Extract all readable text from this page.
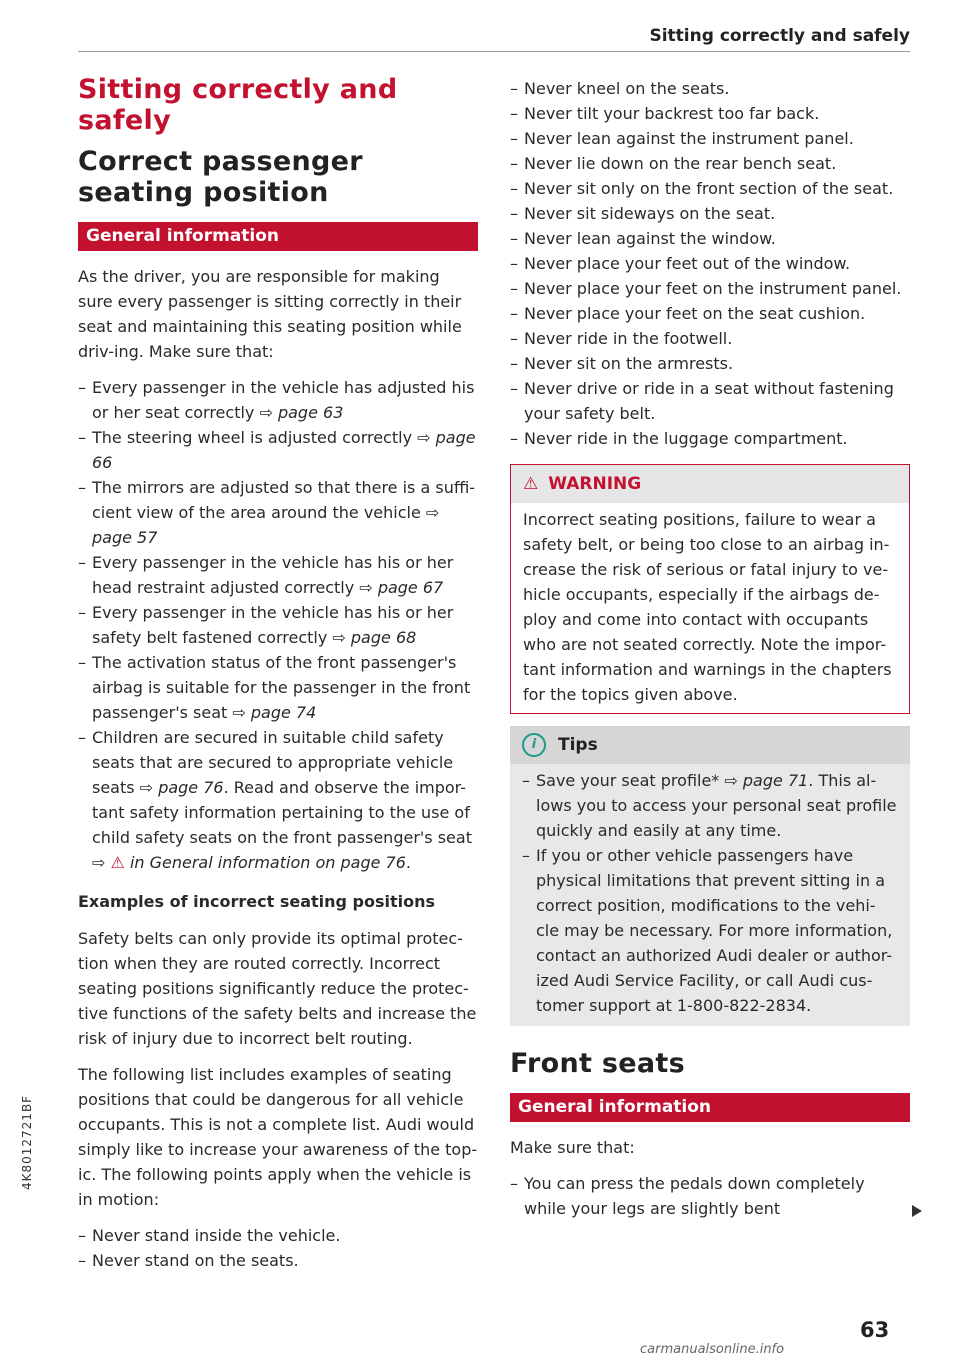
Sitting correctly and safely
Sitting correctly and safely
Correct passenger seating position
General information

As the driver, you are responsible for making sure every passenger is sitting correctly in their seat and maintaining this seating position while driv-ing. Make sure that:

– Every passenger in the vehicle has adjusted his or her seat correctly ⇨ page 63

– The steering wheel is adjusted correctly ⇨ page 66

– The mirrors are adjusted so that there is a suffi-cient view of the area around the vehicle ⇨ page 57

– Every passenger in the vehicle has his or her head restraint adjusted correctly ⇨ page 67

– Every passenger in the vehicle has his or her safety belt fastened correctly ⇨ page 68

– The activation status of the front passenger's airbag is suitable for the passenger in the front passenger's seat ⇨ page 74

– Children are secured in suitable child safety seats that are secured to appropriate vehicle seats ⇨ page 76. Read and observe the impor-tant safety information pertaining to the use of child safety seats on the front passenger's seat ⇨ ⚠ in General information on page 76.

Examples of incorrect seating positions

Safety belts can only provide its optimal protec-tion when they are routed correctly. Incorrect seating positions significantly reduce the protec-tive functions of the safety belts and increase the risk of injury due to incorrect belt routing.

The following list includes examples of seating positions that could be dangerous for all vehicle occupants. This is not a complete list. Audi would simply like to increase your awareness of the top-ic. The following points apply when the vehicle is in motion:

– Never stand inside the vehicle.

– Never stand on the seats.

– Never kneel on the seats.

– Never tilt your backrest too far back.

– Never lean against the instrument panel.

– Never lie down on the rear bench seat.

– Never sit only on the front section of the seat.

– Never sit sideways on the seat.

– Never lean against the window.

– Never place your feet out of the window.

– Never place your feet on the instrument panel.

– Never place your feet on the seat cushion.

– Never ride in the footwell.

– Never sit on the armrests.

– Never drive or ride in a seat without fastening your safety belt.

– Never ride in the luggage compartment.

⚠ WARNING

Incorrect seating positions, failure to wear a safety belt, or being too close to an airbag in-crease the risk of serious or fatal injury to ve-hicle occupants, especially if the airbags de-ploy and come into contact with occupants who are not seated correctly. Note the impor-tant information and warnings in the chapters for the topics given above.

i Tips

– Save your seat profile* ⇨ page 71. This al-lows you to access your personal seat profile quickly and easily at any time.

– If you or other vehicle passengers have physical limitations that prevent sitting in a correct position, modifications to the vehi-cle may be necessary. For more information, contact an authorized Audi dealer or author-ized Audi Service Facility, or call Audi cus-tomer support at 1-800-822-2834.

Front seats
General information

Make sure that:

– You can press the pedals down completely while your legs are slightly bent

4K8012721BF
63
carmanualsonline.info
